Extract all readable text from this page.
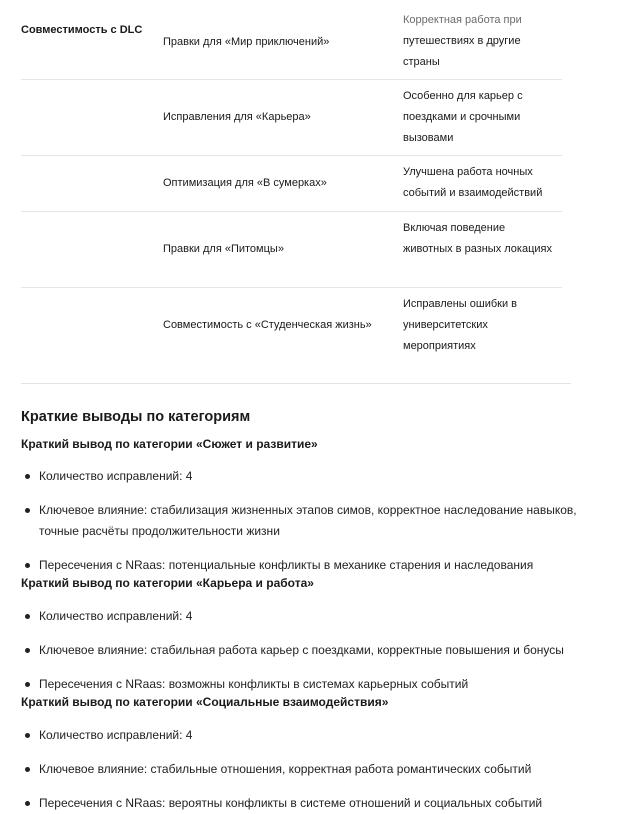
Совместимость с DLC
Правки для «Мир приключений»
Корректная работа при путешествиях в другие страны
Исправления для «Карьера»
Особенно для карьер с поездками и срочными вызовами
Оптимизация для «В сумерках»
Улучшена работа ночных событий и взаимодействий
Правки для «Питомцы»
Включая поведение животных в разных локациях
Совместимость с «Студенческая жизнь»
Исправлены ошибки в университетских мероприятиях
Краткие выводы по категориям
Краткий вывод по категории «Сюжет и развитие»
Количество исправлений: 4
Ключевое влияние: стабилизация жизненных этапов симов, корректное наследование навыков, точные расчёты продолжительности жизни
Пересечения с NRaas: потенциальные конфликты в механике старения и наследования
Краткий вывод по категории «Карьера и работа»
Количество исправлений: 4
Ключевое влияние: стабильная работа карьер с поездками, корректные повышения и бонусы
Пересечения с NRaas: возможны конфликты в системах карьерных событий
Краткий вывод по категории «Социальные взаимодействия»
Количество исправлений: 4
Ключевое влияние: стабильные отношения, корректная работа романтических событий
Пересечения с NRaas: вероятны конфликты в системе отношений и социальных событий
